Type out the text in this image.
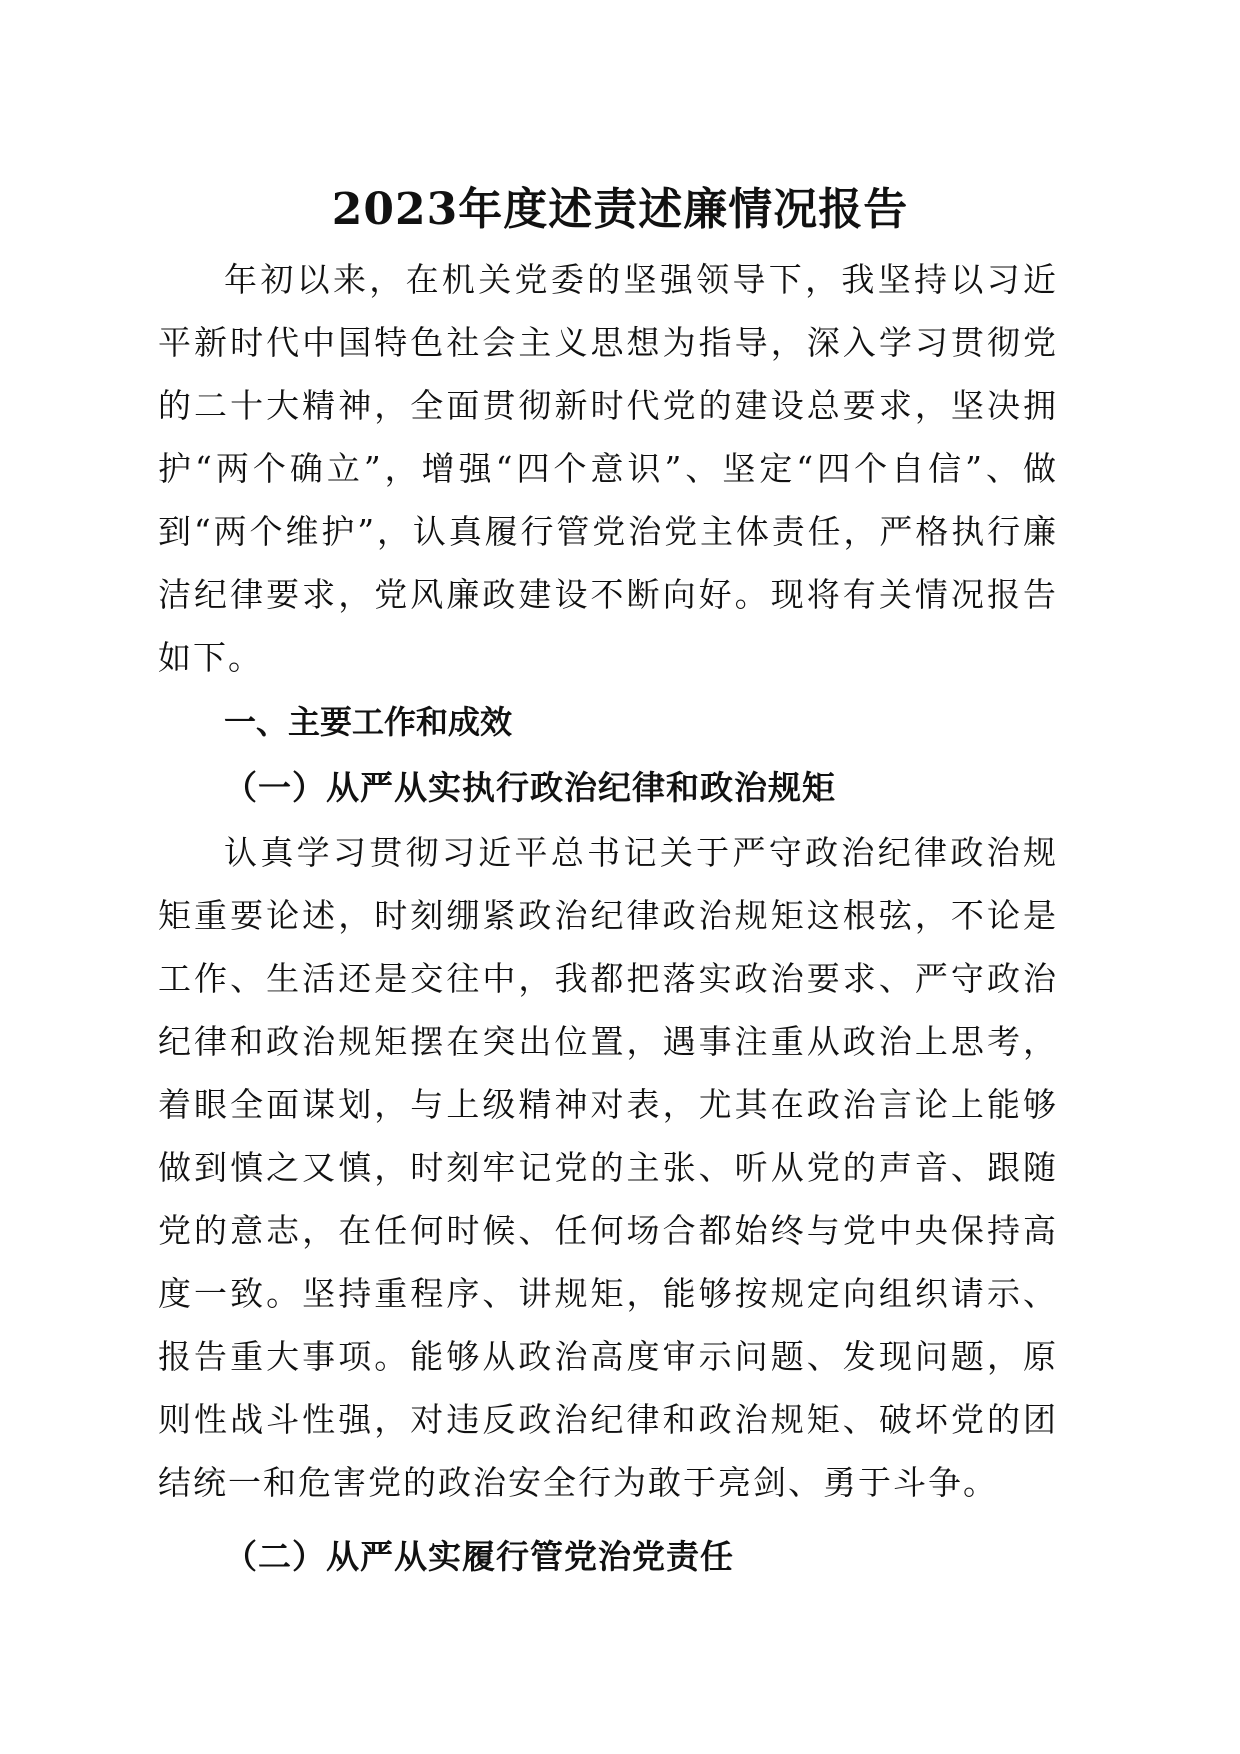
2023年度述责述廉情况报告

年初以来，在机关党委的坚强领导下，我坚持以习近平新时代中国特色社会主义思想为指导，深入学习贯彻党的二十大精神，全面贯彻新时代党的建设总要求，坚决拥护“两个确立”，增强“四个意识”、坚定“四个自信”、做到“两个维护”，认真履行管党治党主体责任，严格执行廉洁纪律要求，党风廉政建设不断向好。现将有关情况报告如下。

一、主要工作和成效
（一）从严从实执行政治纪律和政治规矩

认真学习贯彻习近平总书记关于严守政治纪律政治规矩重要论述，时刻绷紧政治纪律政治规矩这根弦，不论是工作、生活还是交往中，我都把落实政治要求、严守政治纪律和政治规矩摆在突出位置，遇事注重从政治上思考，着眼全面谋划，与上级精神对表，尤其在政治言论上能够做到慎之又慎，时刻牢记党的主张、听从党的声音、跟随党的意志，在任何时候、任何场合都始终与党中央保持高度一致。坚持重程序、讲规矩，能够按规定向组织请示、报告重大事项。能够从政治高度审示问题、发现问题，原则性战斗性强，对违反政治纪律和政治规矩、破坏党的团结统一和危害党的政治安全行为敢于亮剑、勇于斗争。

（二）从严从实履行管党治党责任
